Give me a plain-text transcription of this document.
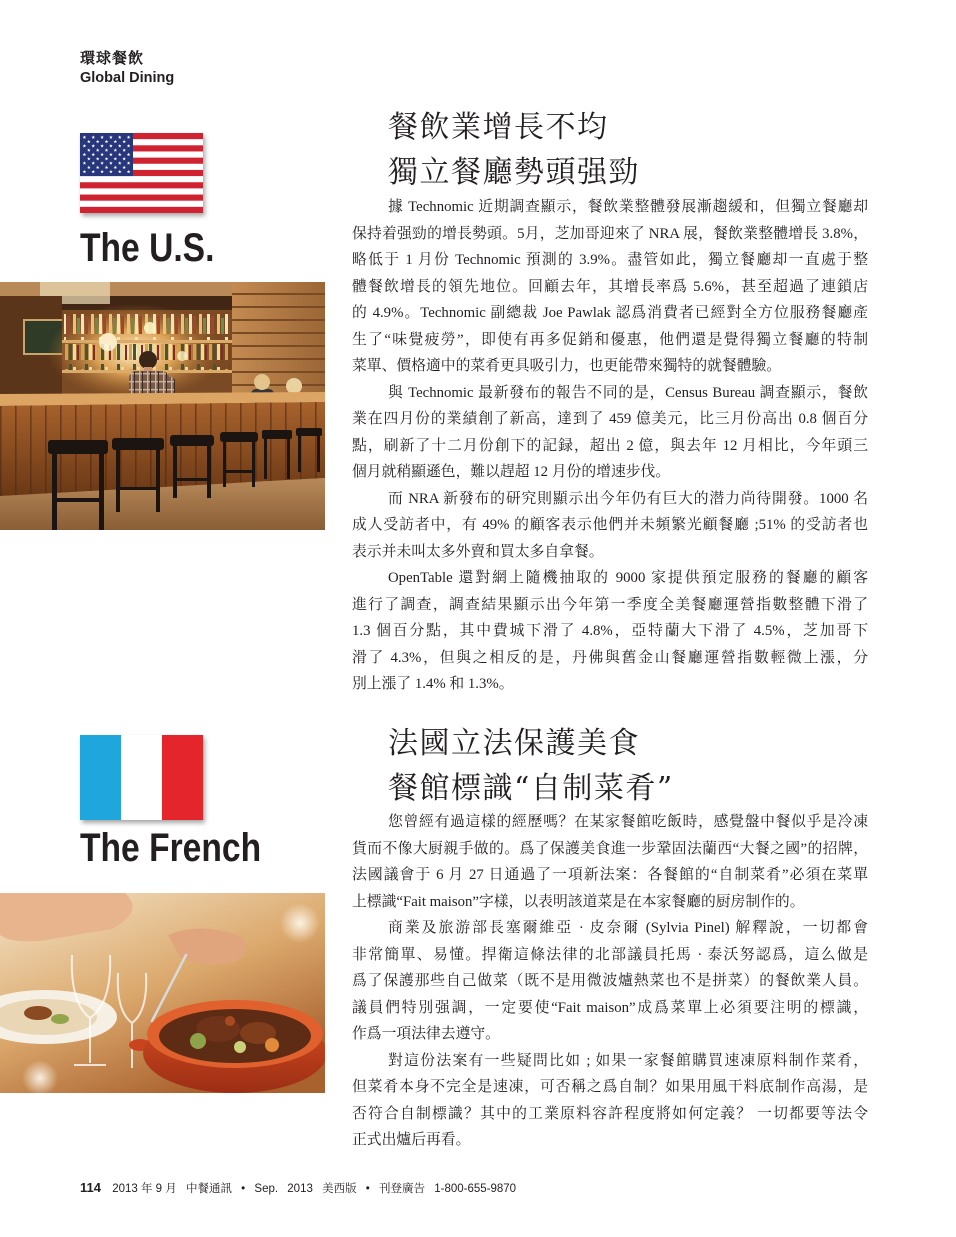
環球餐飲
Global Dining
The U.S.
餐飲業增長不均
獨立餐廳勢頭强勁

據 Technomic 近期調查顯示，餐飲業整體發展漸趨緩和，但獨立餐廳却
保持着强勁的增長勢頭。5月，芝加哥迎來了 NRA 展，餐飲業整體增長 3.8%，
略低于 1 月份 Technomic 預測的 3.9%。盡管如此，獨立餐廳却一直處于整
體餐飲增長的領先地位。回顧去年，其增長率爲 5.6%，甚至超過了連鎖店
的 4.9%。Technomic 副總裁 Joe Pawlak 認爲消費者已經對全方位服務餐廳產
生了“味覺疲勞”，即使有再多促銷和優惠，他們還是覺得獨立餐廳的特制
菜單、價格適中的菜肴更具吸引力，也更能帶來獨特的就餐體驗。

與 Technomic 最新發布的報告不同的是，Census Bureau 調查顯示，餐飲
業在四月份的業績創了新高，達到了 459 億美元，比三月份高出 0.8 個百分
點，刷新了十二月份創下的記録，超出 2 億，與去年 12 月相比，今年頭三
個月就稍顯遜色，難以趕超 12 月份的增速步伐。

而 NRA 新發布的研究則顯示出今年仍有巨大的潜力尚待開發。1000 名
成人受訪者中，有 49% 的顧客表示他們并未頻繁光顧餐廳 ;51% 的受訪者也
表示并未叫太多外賣和買太多自拿餐。

OpenTable 還對網上隨機抽取的 9000 家提供預定服務的餐廳的顧客
進行了調查，調查結果顯示出今年第一季度全美餐廳運營指數整體下滑了
1.3 個百分點，其中費城下滑了 4.8%，亞特蘭大下滑了 4.5%，芝加哥下
滑了 4.3%，但與之相反的是，丹佛與舊金山餐廳運營指數輕微上漲，分
別上漲了 1.4% 和 1.3%。

The French
法國立法保護美食
餐館標識“自制菜肴”

您曾經有過這樣的經歷嗎？在某家餐館吃飯時，感覺盤中餐似乎是冷凍
貨而不像大厨親手做的。爲了保護美食進一步鞏固法蘭西“大餐之國”的招牌，
法國議會于 6 月 27 日通過了一項新法案：各餐館的“自制菜肴”必須在菜單
上標識“Fait maison”字樣，以表明該道菜是在本家餐廳的厨房制作的。

商業及旅游部長塞爾維亞 · 皮奈爾 (Sylvia Pinel) 解釋說，一切都會
非常簡單、易懂。捍衛這條法律的北部議員托馬 · 泰沃努認爲，這么做是
爲了保護那些自己做菜（既不是用微波爐熱菜也不是拼菜）的餐飲業人員。
議員們特別强調，一定要使“Fait maison”成爲菜單上必須要注明的標識，
作爲一項法律去遵守。

對這份法案有一些疑問比如 ; 如果一家餐館購買速凍原料制作菜肴，
但菜肴本身不完全是速凍，可否稱之爲自制？如果用風干料底制作高湯，是
否符合自制標識？其中的工業原料容許程度將如何定義？ 一切都要等法令
正式出爐后再看。

114 2013 年 9 月 中餐通訊 • Sep. 2013 美西版 • 刊登廣告 1-800-655-9870
